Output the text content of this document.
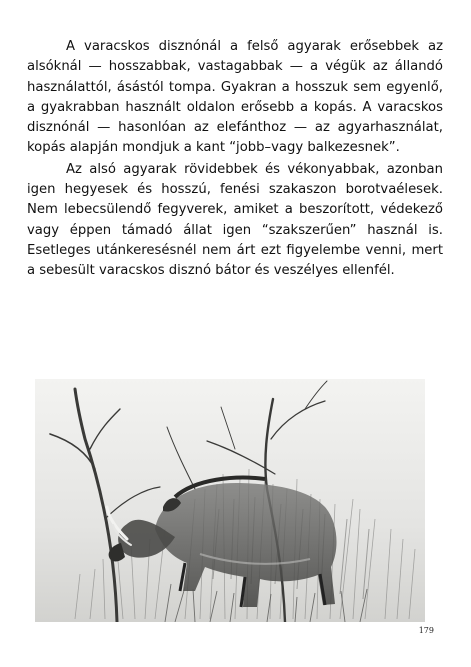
A varacskos disznónál a felső agyarak erősebbek az alsóknál — hosszabbak, vastagabbak — a végük az állandó használattól, ásástól tompa. Gyakran a hosszuk sem egyenlő, a gyakrabban használt oldalon erősebb a kopás. A varacskos disznónál — hasonlóan az elefánthoz — az agyarhasználat, kopás alapján mondjuk a kant “jobb–vagy balkezesnek”.

Az alsó agyarak rövidebbek és vékonyabbak, azonban igen hegyesek és hosszú, fenési szakaszon borotvaélesek. Nem lebecsülendő fegyverek, amiket a beszorított, védekező vagy éppen támadó állat igen “szakszerűen” használ is. Esetleges utánkeresésnél nem árt ezt figyelembe venni, mert a sebesült varacskos disznó bátor és veszélyes ellenfél.

179
